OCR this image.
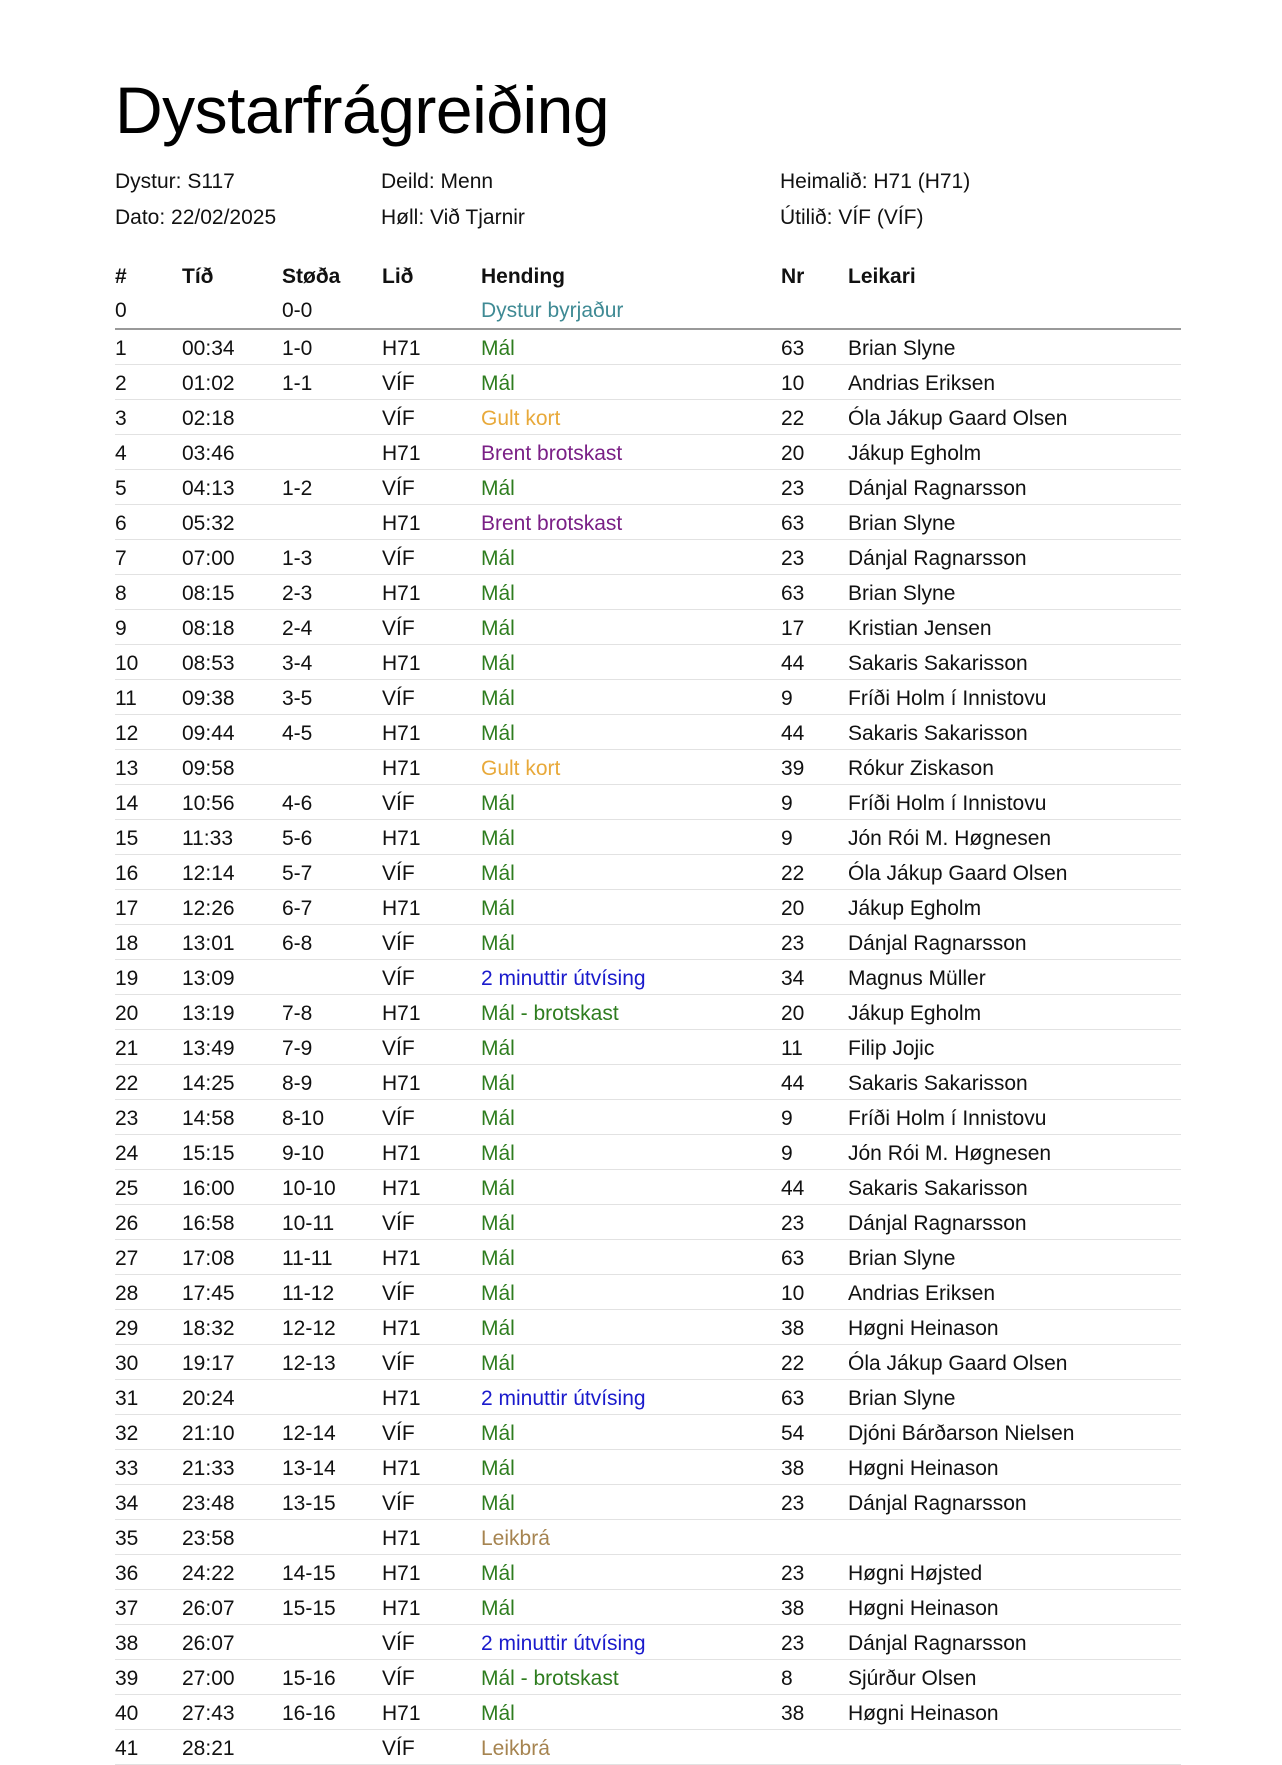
Dystarfrágreiðing
Dystur: S117
Dato: 22/02/2025
Deild: Menn
Høll: Við Tjarnir
Heimalið: H71 (H71)
Útilið: VÍF (VÍF)
#	Tíð	Støða Lið	Hending	Nr Leikari
0	0-0	Dystur byrjaður
1	00:34 1-0	H71	Mál	63 Brian Slyne
2	01:02 1-1	VÍF	Mál	10 Andrias Eriksen
3	02:18	VÍF	Gult kort	22 Óla Jákup Gaard Olsen
4	03:46	H71	Brent brotskast	20 Jákup Egholm
5	04:13 1-2	VÍF	Mál	23 Dánjal Ragnarsson
6	05:32	H71	Brent brotskast	63 Brian Slyne
7	07:00 1-3	VÍF	Mál	23 Dánjal Ragnarsson
8	08:15 2-3	H71	Mál	63 Brian Slyne
9	08:18 2-4	VÍF	Mál	17 Kristian Jensen
10 08:53 3-4	H71	Mál	44 Sakaris Sakarisson
11 09:38 3-5	VÍF	Mál	9	Fríði Holm í Innistovu
12 09:44 4-5	H71	Mál	44 Sakaris Sakarisson
13 09:58	H71	Gult kort	39 Rókur Ziskason
14 10:56 4-6	VÍF	Mál	9	Fríði Holm í Innistovu
15 11:33 5-6	H71	Mál	9	Jón Rói M. Høgnesen
16 12:14 5-7	VÍF	Mál	22 Óla Jákup Gaard Olsen
17 12:26 6-7	H71	Mál	20 Jákup Egholm
18 13:01 6-8	VÍF	Mál	23 Dánjal Ragnarsson
19 13:09	VÍF	2 minuttir útvísing	34 Magnus Müller
20 13:19 7-8	H71	Mál - brotskast	20 Jákup Egholm
21 13:49 7-9	VÍF	Mál	11 Filip Jojic
22 14:25 8-9	H71	Mál	44 Sakaris Sakarisson
23 14:58 8-10	VÍF	Mál	9	Fríði Holm í Innistovu
24 15:15 9-10	H71	Mál	9	Jón Rói M. Høgnesen
25 16:00 10-10 H71	Mál	44 Sakaris Sakarisson
26 16:58 10-11 VÍF	Mál	23 Dánjal Ragnarsson
27 17:08 11-11 H71	Mál	63 Brian Slyne
28 17:45 11-12 VÍF	Mál	10 Andrias Eriksen
29 18:32 12-12 H71	Mál	38 Høgni Heinason
30 19:17 12-13 VÍF	Mál	22 Óla Jákup Gaard Olsen
31 20:24	H71	2 minuttir útvísing	63 Brian Slyne
32 21:10 12-14 VÍF	Mál	54 Djóni Bárðarson Nielsen
33 21:33 13-14 H71	Mál	38 Høgni Heinason
34 23:48 13-15 VÍF	Mál	23 Dánjal Ragnarsson
35 23:58	H71	Leikbrá
36 24:22 14-15 H71	Mál	23 Høgni Højsted
37 26:07 15-15 H71	Mál	38 Høgni Heinason
38 26:07	VÍF	2 minuttir útvísing	23 Dánjal Ragnarsson
39 27:00 15-16 VÍF	Mál - brotskast	8	Sjúrður Olsen
40 27:43 16-16 H71	Mál	38 Høgni Heinason
41 28:21	VÍF	Leikbrá
